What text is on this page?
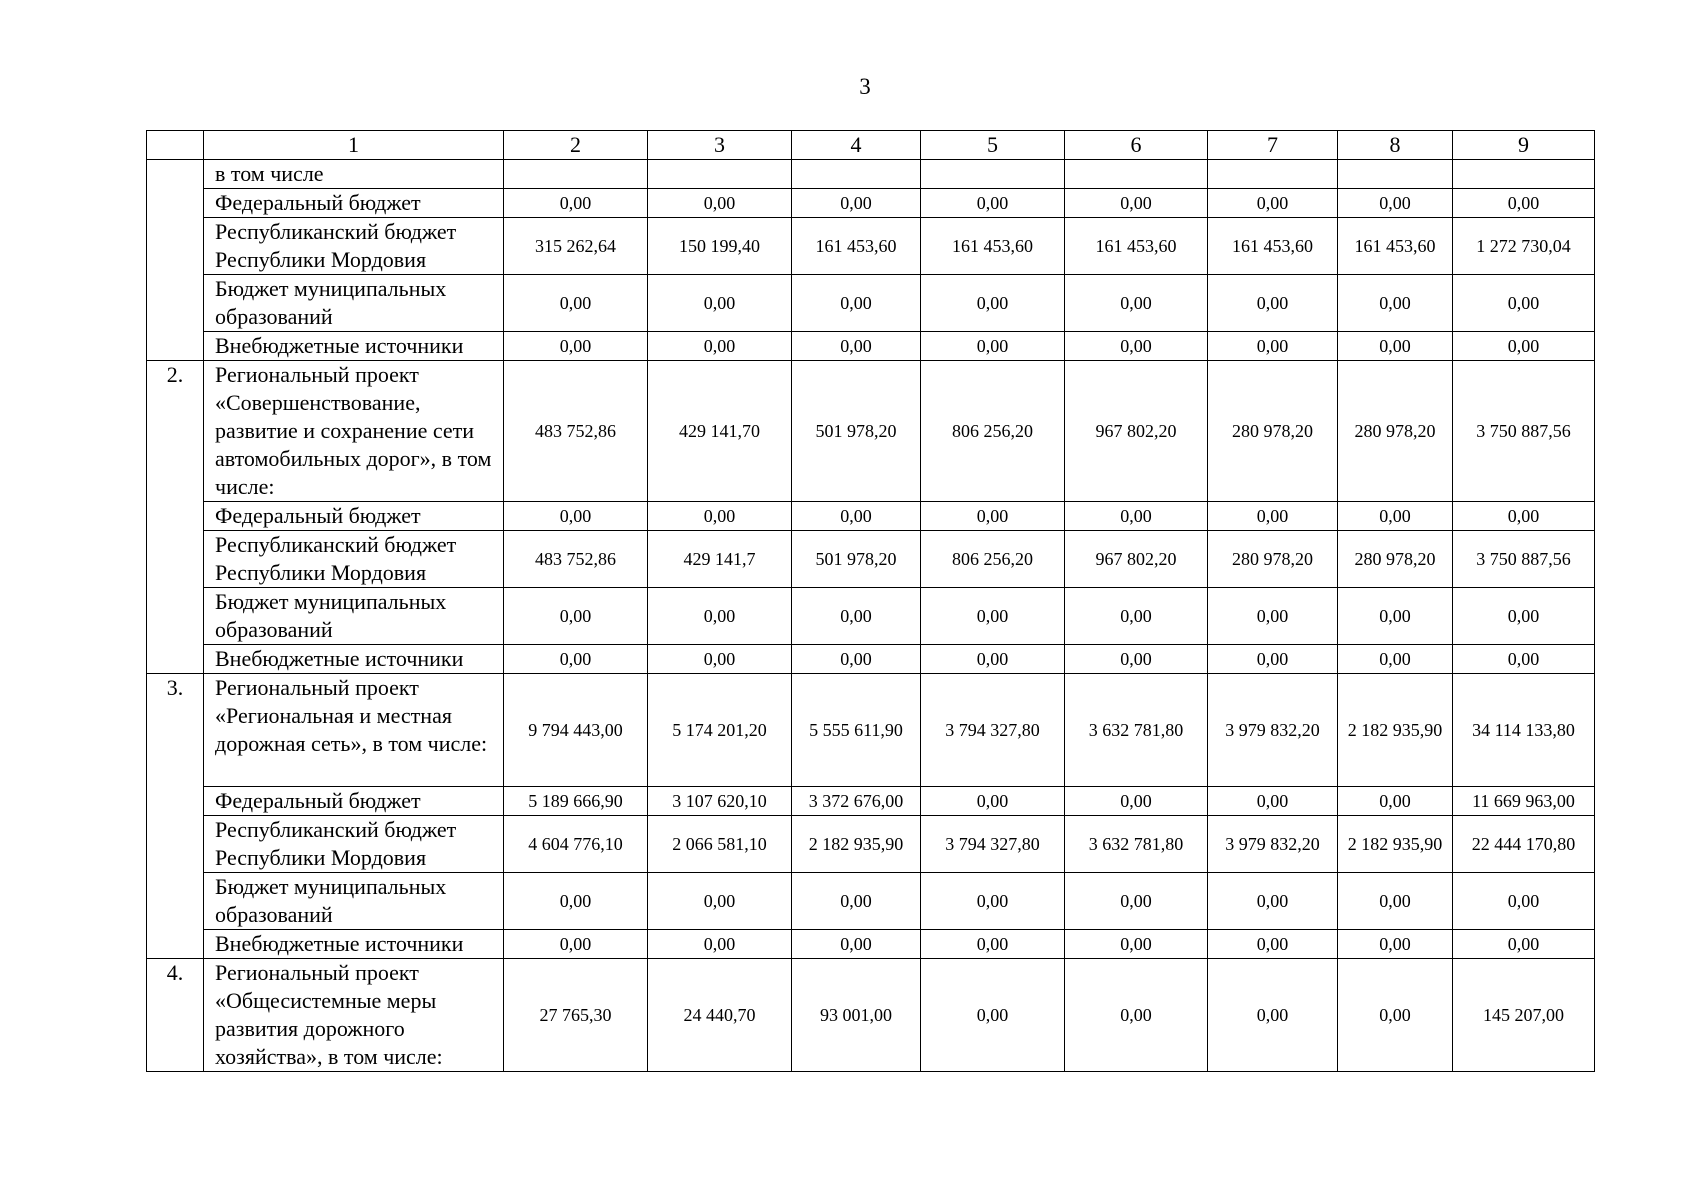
3
	1	2	3	4	5	6	7	8	9
	в том числе								
	Федеральный бюджет	0,00	0,00	0,00	0,00	0,00	0,00	0,00	0,00
	Республиканский бюджет Республики Мордовия	315 262,64	150 199,40	161 453,60	161 453,60	161 453,60	161 453,60	161 453,60	1 272 730,04
	Бюджет муниципальных образований	0,00	0,00	0,00	0,00	0,00	0,00	0,00	0,00
	Внебюджетные источники	0,00	0,00	0,00	0,00	0,00	0,00	0,00	0,00
2.	Региональный проект «Совершенствование, развитие и сохранение сети автомобильных дорог», в том числе:	483 752,86	429 141,70	501 978,20	806 256,20	967 802,20	280 978,20	280 978,20	3 750 887,56
	Федеральный бюджет	0,00	0,00	0,00	0,00	0,00	0,00	0,00	0,00
	Республиканский бюджет Республики Мордовия	483 752,86	429 141,7	501 978,20	806 256,20	967 802,20	280 978,20	280 978,20	3 750 887,56
	Бюджет муниципальных образований	0,00	0,00	0,00	0,00	0,00	0,00	0,00	0,00
	Внебюджетные источники	0,00	0,00	0,00	0,00	0,00	0,00	0,00	0,00
3.	Региональный проект «Региональная и местная дорожная сеть», в том числе:	9 794 443,00	5 174 201,20	5 555 611,90	3 794 327,80	3 632 781,80	3 979 832,20	2 182 935,90	34 114 133,80
	Федеральный бюджет	5 189 666,90	3 107 620,10	3 372 676,00	0,00	0,00	0,00	0,00	11 669 963,00
	Республиканский бюджет Республики Мордовия	4 604 776,10	2 066 581,10	2 182 935,90	3 794 327,80	3 632 781,80	3 979 832,20	2 182 935,90	22 444 170,80
	Бюджет муниципальных образований	0,00	0,00	0,00	0,00	0,00	0,00	0,00	0,00
	Внебюджетные источники	0,00	0,00	0,00	0,00	0,00	0,00	0,00	0,00
4.	Региональный проект «Общесистемные меры развития дорожного хозяйства», в том числе:	27 765,30	24 440,70	93 001,00	0,00	0,00	0,00	0,00	145 207,00
